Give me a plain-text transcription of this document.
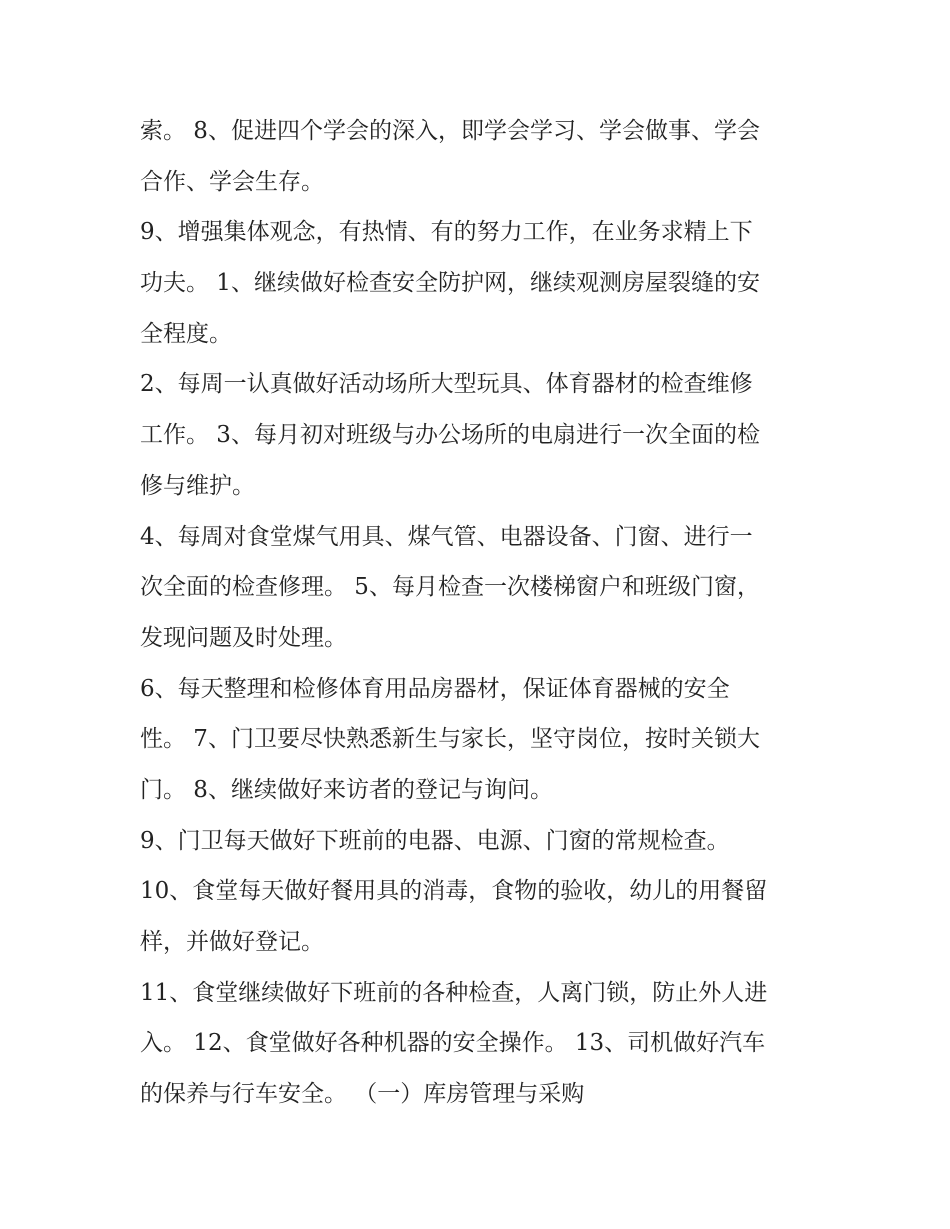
索。 8、促进四个学会的深入，即学会学习、学会做事、学会
合作、学会生存。
9、增强集体观念，有热情、有的努力工作，在业务求精上下
功夫。 1、继续做好检查安全防护网，继续观测房屋裂缝的安
全程度。
2、每周一认真做好活动场所大型玩具、体育器材的检查维修
工作。 3、每月初对班级与办公场所的电扇进行一次全面的检
修与维护。
4、每周对食堂煤气用具、煤气管、电器设备、门窗、进行一
次全面的检查修理。 5、每月检查一次楼梯窗户和班级门窗，
发现问题及时处理。
6、每天整理和检修体育用品房器材，保证体育器械的安全
性。 7、门卫要尽快熟悉新生与家长，坚守岗位，按时关锁大
门。 8、继续做好来访者的登记与询问。
9、门卫每天做好下班前的电器、电源、门窗的常规检查。
10、食堂每天做好餐用具的消毒，食物的验收，幼儿的用餐留
样，并做好登记。
11、食堂继续做好下班前的各种检查，人离门锁，防止外人进
入。 12、食堂做好各种机器的安全操作。 13、司机做好汽车
的保养与行车安全。 （一）库房管理与采购
